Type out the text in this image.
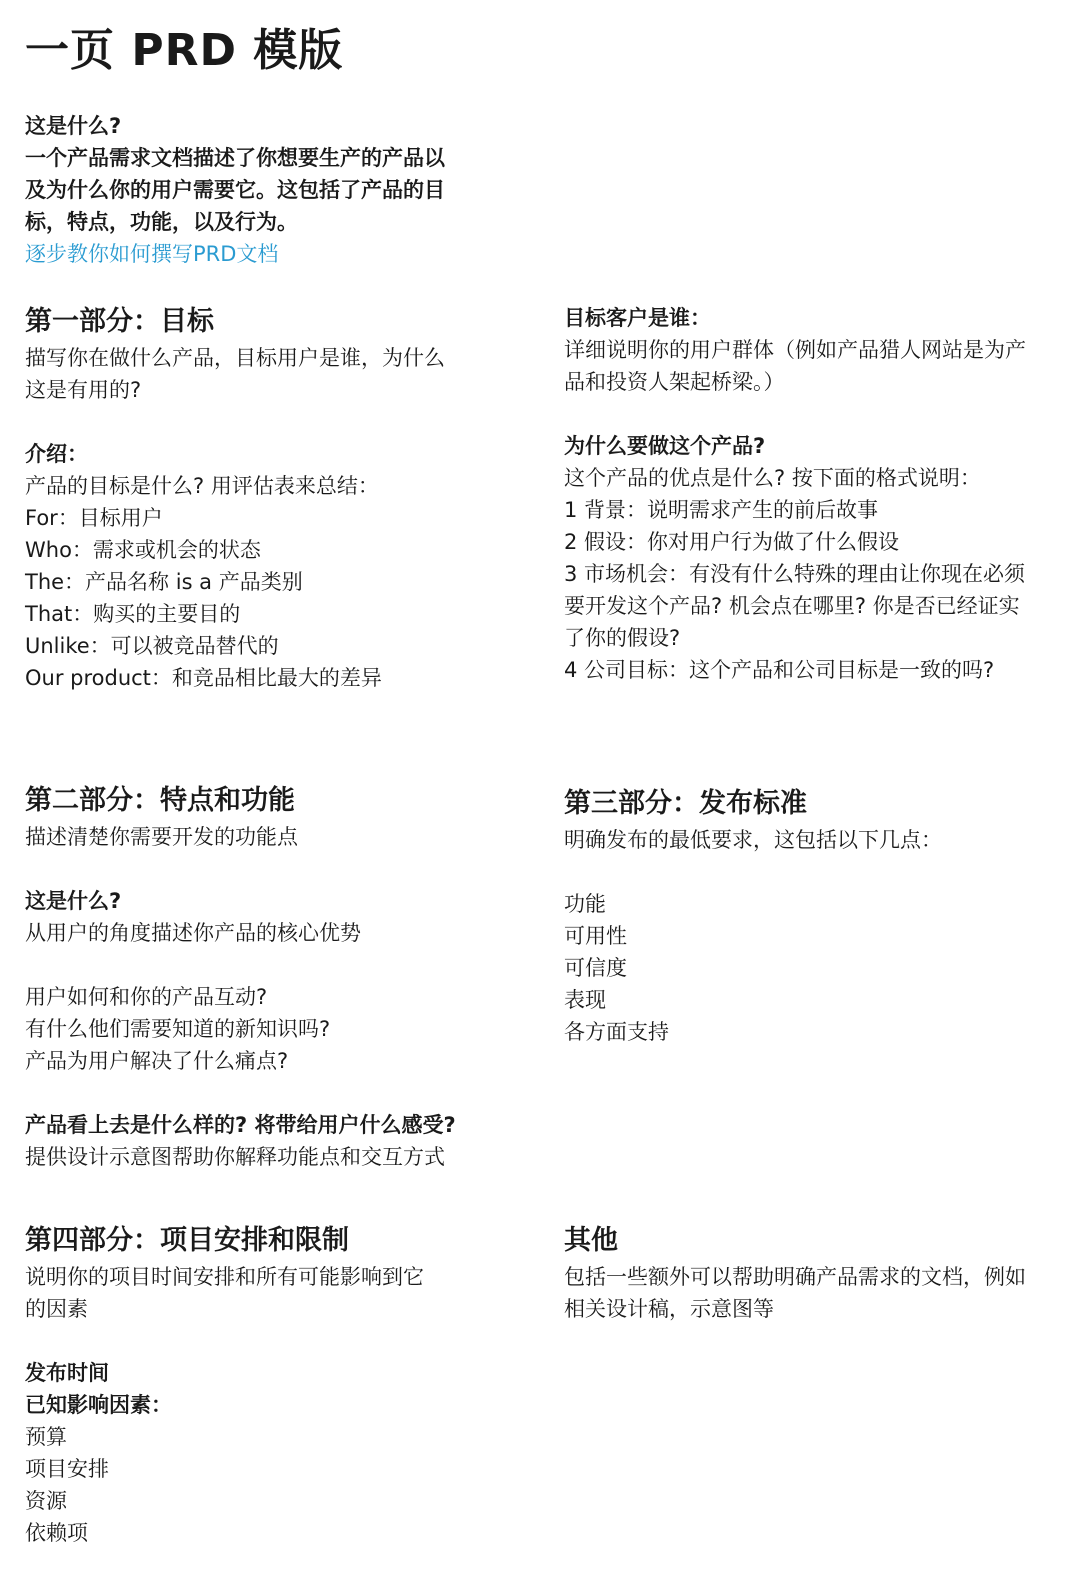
一页 PRD 模版
这是什么?
一个产品需求文档描述了你想要生产的产品以及为什么你的用户需要它。这包括了产品的目标，特点，功能，以及行为。
逐步教你如何撰写PRD文档
第一部分：目标
描写你在做什么产品，目标用户是谁，为什么这是有用的?
介绍：
产品的目标是什么? 用评估表来总结：
For：目标用户
Who：需求或机会的状态
The：产品名称 is a 产品类别
That：购买的主要目的
Unlike：可以被竞品替代的
Our product：和竞品相比最大的差异
目标客户是谁：
详细说明你的用户群体（例如产品猎人网站是为产品和投资人架起桥梁。）
为什么要做这个产品?
这个产品的优点是什么? 按下面的格式说明：
1 背景：说明需求产生的前后故事
2 假设：你对用户行为做了什么假设
3 市场机会：有没有什么特殊的理由让你现在必须要开发这个产品? 机会点在哪里? 你是否已经证实了你的假设?
4 公司目标：这个产品和公司目标是一致的吗?
第二部分：特点和功能
描述清楚你需要开发的功能点
这是什么?
从用户的角度描述你产品的核心优势
用户如何和你的产品互动?
有什么他们需要知道的新知识吗?
产品为用户解决了什么痛点?
产品看上去是什么样的? 将带给用户什么感受?
提供设计示意图帮助你解释功能点和交互方式
第三部分：发布标准
明确发布的最低要求，这包括以下几点：
功能
可用性
可信度
表现
各方面支持
第四部分：项目安排和限制
说明你的项目时间安排和所有可能影响到它的因素
发布时间
已知影响因素：
预算
项目安排
资源
依赖项
其他
包括一些额外可以帮助明确产品需求的文档，例如相关设计稿，示意图等
